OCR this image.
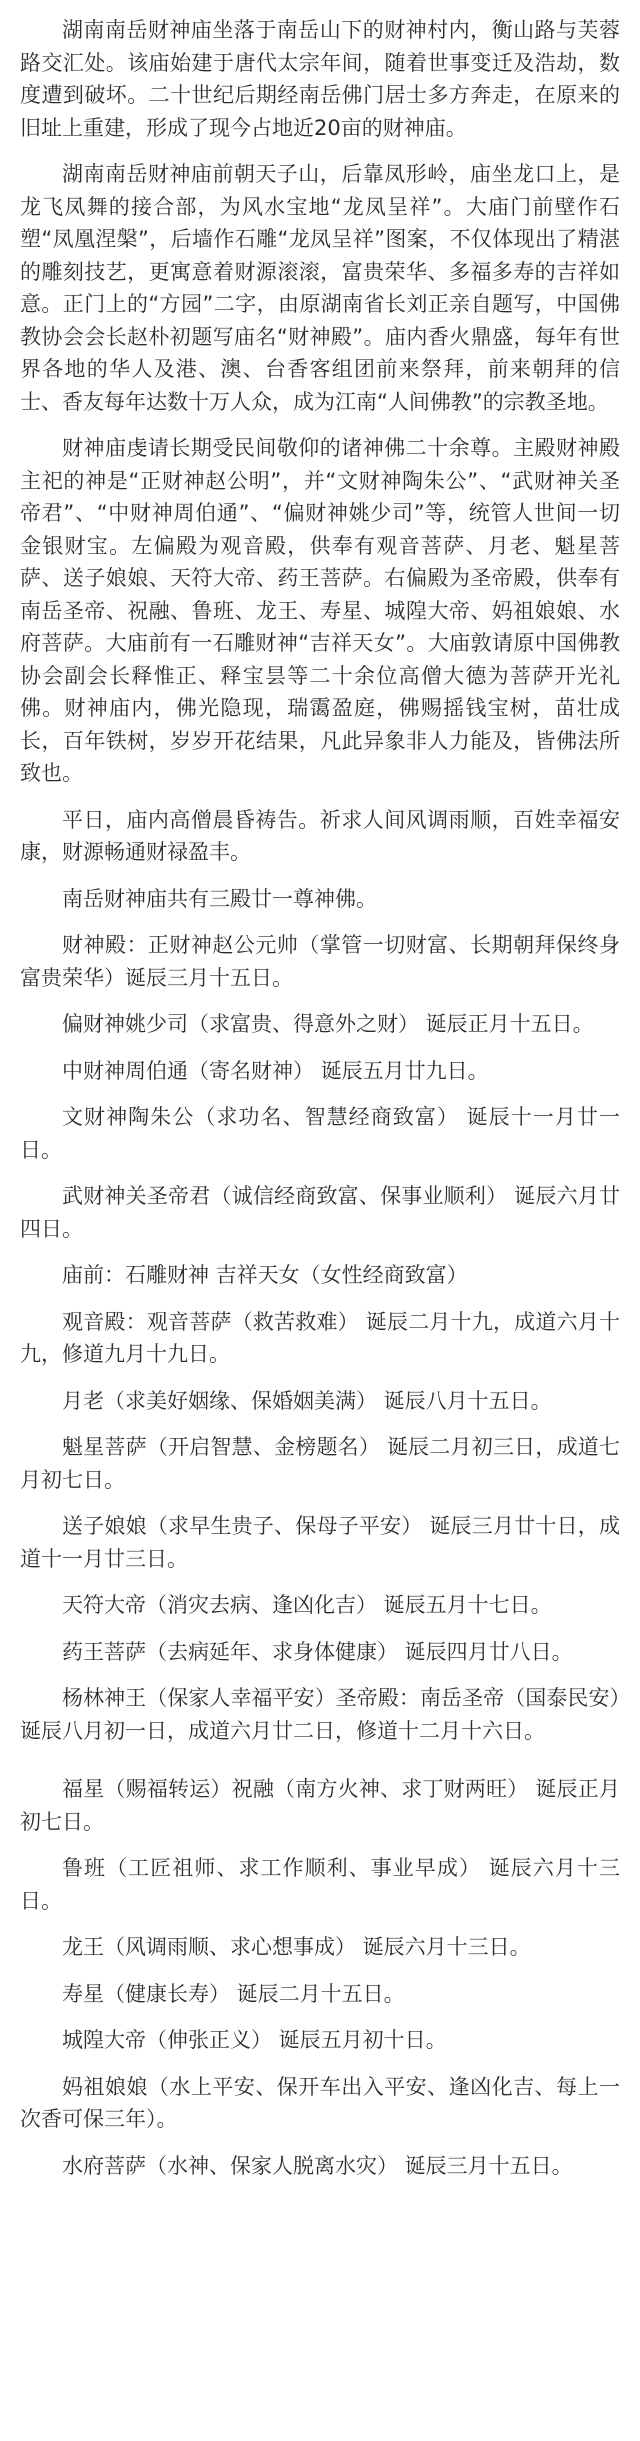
湖南南岳财神庙坐落于南岳山下的财神村内，衡山路与芙蓉路交汇处。该庙始建于唐代太宗年间，随着世事变迁及浩劫，数度遭到破坏。二十世纪后期经南岳佛门居士多方奔走，在原来的旧址上重建，形成了现今占地近20亩的财神庙。

湖南南岳财神庙前朝天子山，后靠凤形岭，庙坐龙口上，是龙飞凤舞的接合部，为风水宝地“龙凤呈祥”。大庙门前壁作石塑“凤凰涅槃”，后墙作石雕“龙凤呈祥”图案，不仅体现出了精湛的雕刻技艺，更寓意着财源滚滚，富贵荣华、多福多寿的吉祥如意。正门上的“方园”二字，由原湖南省长刘正亲自题写，中国佛教协会会长赵朴初题写庙名“财神殿”。庙内香火鼎盛，每年有世界各地的华人及港、澳、台香客组团前来祭拜，前来朝拜的信士、香友每年达数十万人众，成为江南“人间佛教”的宗教圣地。

财神庙虔请长期受民间敬仰的诸神佛二十余尊。主殿财神殿主祀的神是“正财神赵公明”，并“文财神陶朱公”、“武财神关圣帝君”、“中财神周伯通”、“偏财神姚少司”等，统管人世间一切金银财宝。左偏殿为观音殿，供奉有观音菩萨、月老、魁星菩萨、送子娘娘、天符大帝、药王菩萨。右偏殿为圣帝殿，供奉有南岳圣帝、祝融、鲁班、龙王、寿星、城隍大帝、妈祖娘娘、水府菩萨。大庙前有一石雕财神“吉祥天女”。大庙敦请原中国佛教协会副会长释惟正、释宝昙等二十余位高僧大德为菩萨开光礼佛。财神庙内，佛光隐现，瑞霭盈庭，佛赐摇钱宝树，苗壮成长，百年铁树，岁岁开花结果，凡此异象非人力能及，皆佛法所致也。

平日，庙内高僧晨昏祷告。祈求人间风调雨顺，百姓幸福安康，财源畅通财禄盈丰。

南岳财神庙共有三殿廿一尊神佛。

财神殿：正财神赵公元帅（掌管一切财富、长期朝拜保终身富贵荣华）诞辰三月十五日。

偏财神姚少司（求富贵、得意外之财） 诞辰正月十五日。

中财神周伯通（寄名财神） 诞辰五月廿九日。

文财神陶朱公（求功名、智慧经商致富） 诞辰十一月廿一日。

武财神关圣帝君（诚信经商致富、保事业顺利） 诞辰六月廿四日。

庙前：石雕财神 吉祥天女（女性经商致富）

观音殿：观音菩萨（救苦救难） 诞辰二月十九，成道六月十九，修道九月十九日。

月老（求美好姻缘、保婚姻美满） 诞辰八月十五日。

魁星菩萨（开启智慧、金榜题名） 诞辰二月初三日，成道七月初七日。

送子娘娘（求早生贵子、保母子平安） 诞辰三月廿十日，成道十一月廿三日。

天符大帝（消灾去病、逢凶化吉） 诞辰五月十七日。

药王菩萨（去病延年、求身体健康） 诞辰四月廿八日。

杨林神王（保家人幸福平安）圣帝殿：南岳圣帝（国泰民安）诞辰八月初一日，成道六月廿二日，修道十二月十六日。

福星（赐福转运）祝融（南方火神、求丁财两旺） 诞辰正月初七日。

鲁班（工匠祖师、求工作顺利、事业早成） 诞辰六月十三日。

龙王（风调雨顺、求心想事成） 诞辰六月十三日。

寿星（健康长寿） 诞辰二月十五日。

城隍大帝（伸张正义） 诞辰五月初十日。

妈祖娘娘（水上平安、保开车出入平安、逢凶化吉、每上一次香可保三年）。

水府菩萨（水神、保家人脱离水灾） 诞辰三月十五日。
